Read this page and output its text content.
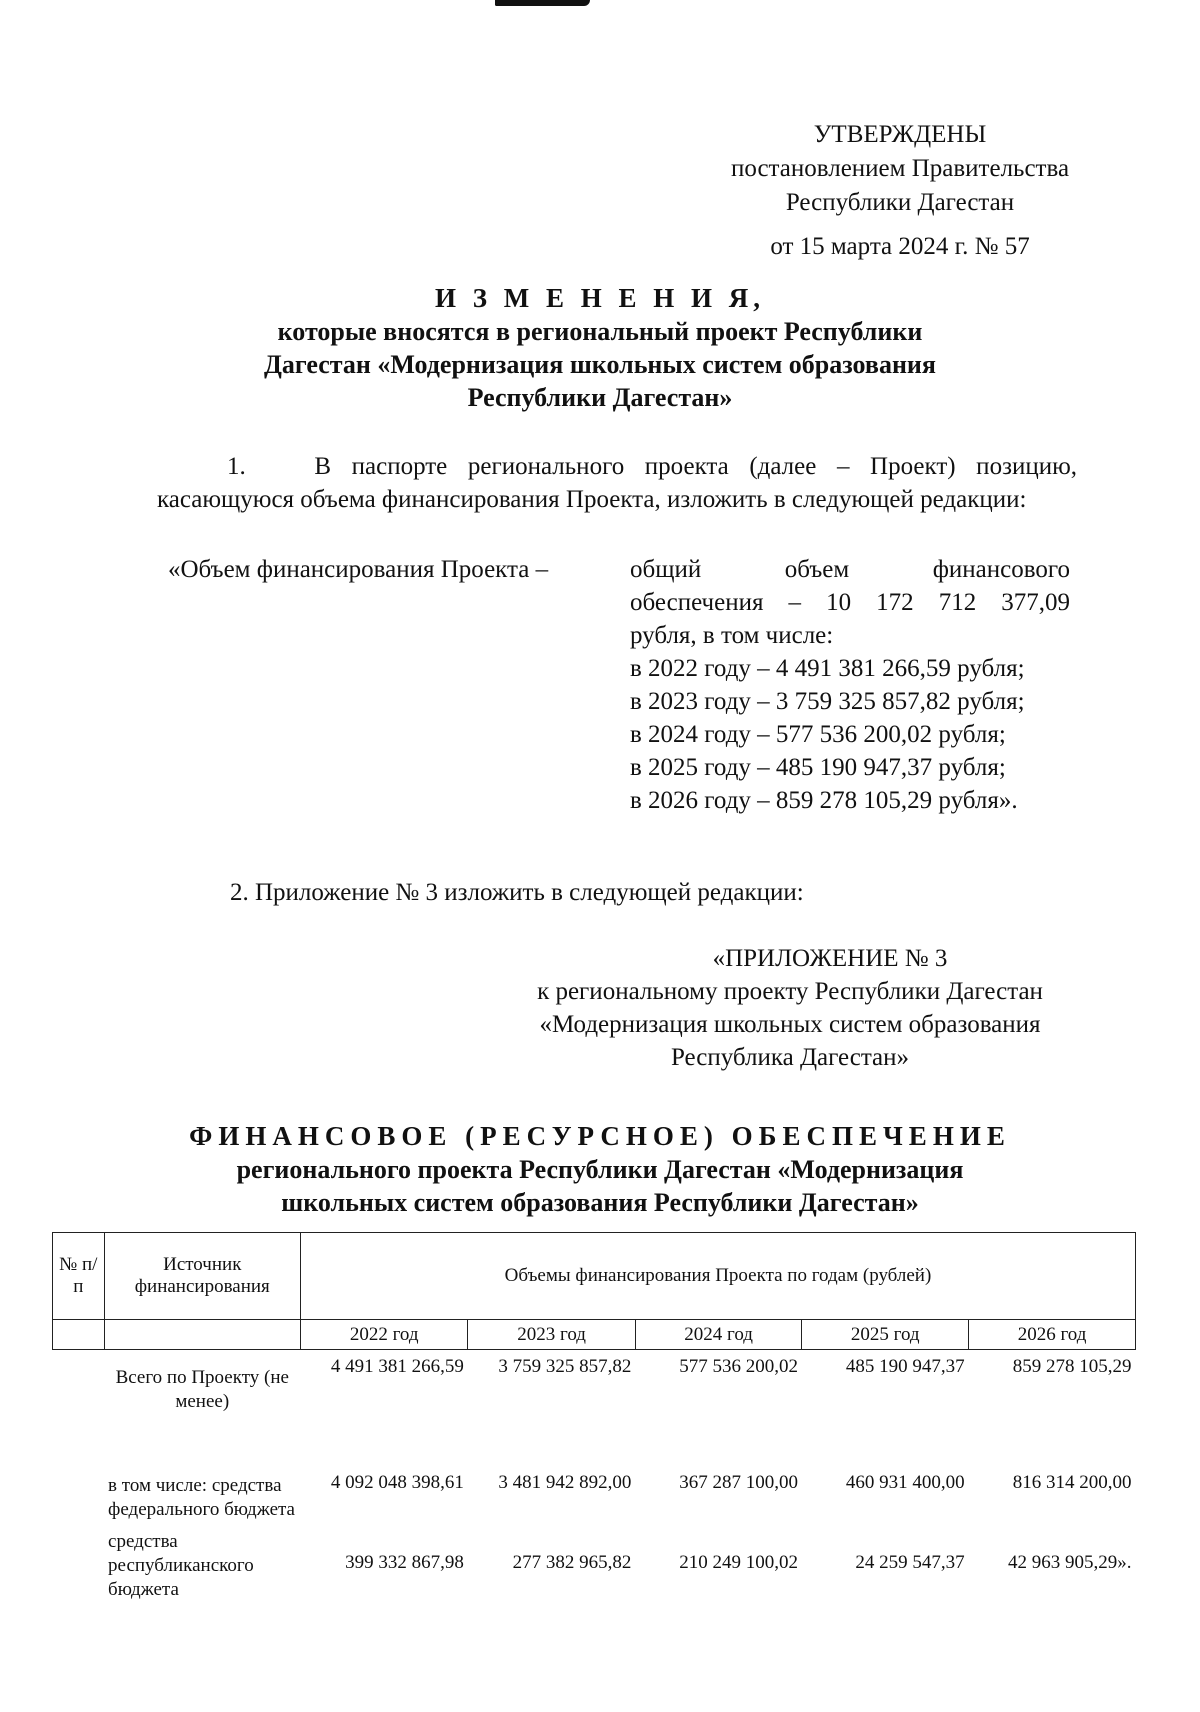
УТВЕРЖДЕНЫ
постановлением Правительства
Республики Дагестан
от 15 марта 2024 г. № 57
И З М Е Н Е Н И Я,
которые вносятся в региональный проект Республики
Дагестан «Модернизация школьных систем образования
Республики Дагестан»
1.	В паспорте регионального проекта (далее – Проект) позицию, касающуюся объема финансирования Проекта, изложить в следующей редакции:
«Объем финансирования Проекта –	общий объем финансового
обеспечения – 10 172 712 377,09
рубля, в том числе:
в 2022 году – 4 491 381 266,59 рубля;
в 2023 году – 3 759 325 857,82 рубля;
в 2024 году – 577 536 200,02 рубля;
в 2025 году – 485 190 947,37 рубля;
в 2026 году – 859 278 105,29 рубля».
2. Приложение № 3 изложить в следующей редакции:
«ПРИЛОЖЕНИЕ № 3
к региональному проекту Республики Дагестан
«Модернизация школьных систем образования
Республика Дагестан»
ФИНАНСОВОЕ (РЕСУРСНОЕ) ОБЕСПЕЧЕНИЕ
регионального проекта Республики Дагестан «Модернизация
школьных систем образования Республики Дагестан»
№ п/п	Источник финансирования	Объемы финансирования Проекта по годам (рублей)				
		2022 год	2023 год	2024 год	2025 год	2026 год
	Всего по Проекту (не менее)	4 491 381 266,59	3 759 325 857,82	577 536 200,02	485 190 947,37	859 278 105,29
	в том числе: средства федерального бюджета	4 092 048 398,61	3 481 942 892,00	367 287 100,00	460 931 400,00	816 314 200,00
	средства республиканского бюджета	399 332 867,98	277 382 965,82	210 249 100,02	24 259 547,37	42 963 905,29».
